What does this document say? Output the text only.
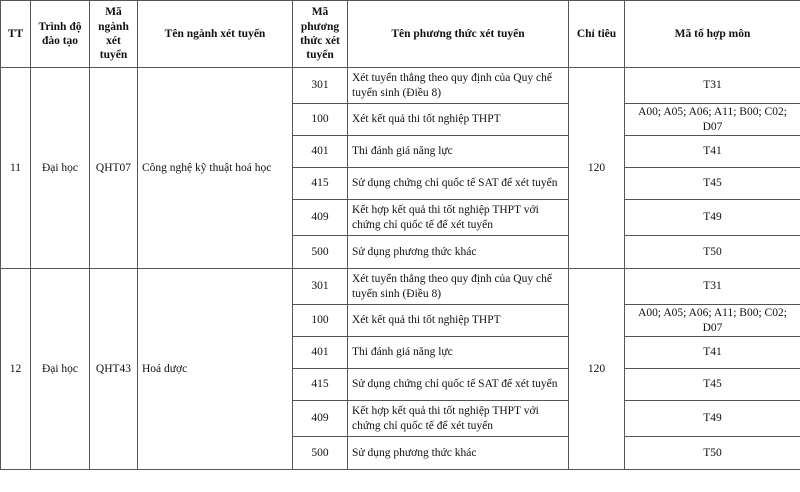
TT	Trình độ đào tạo	Mã ngành xét tuyển	Tên ngành xét tuyển	Mã phương thức xét tuyển	Tên phương thức xét tuyển	Chỉ tiêu	Mã tổ hợp môn
11	Đại học	QHT07	Công nghệ kỹ thuật hoá học	301	Xét tuyển thẳng theo quy định của Quy chế tuyển sinh (Điều 8)	120	T31
				100	Xét kết quả thi tốt nghiệp THPT		A00; A05; A06; A11; B00; C02; D07
				401	Thi đánh giá năng lực		T41
				415	Sử dụng chứng chỉ quốc tế SAT để xét tuyển		T45
				409	Kết hợp kết quả thi tốt nghiệp THPT với chứng chỉ quốc tế để xét tuyển		T49
				500	Sử dụng phương thức khác		T50
12	Đại học	QHT43	Hoá dược	301	Xét tuyển thẳng theo quy định của Quy chế tuyển sinh (Điều 8)	120	T31
				100	Xét kết quả thi tốt nghiệp THPT		A00; A05; A06; A11; B00; C02; D07
				401	Thi đánh giá năng lực		T41
				415	Sử dụng chứng chỉ quốc tế SAT để xét tuyển		T45
				409	Kết hợp kết quả thi tốt nghiệp THPT với chứng chỉ quốc tế để xét tuyển		T49
				500	Sử dụng phương thức khác		T50
